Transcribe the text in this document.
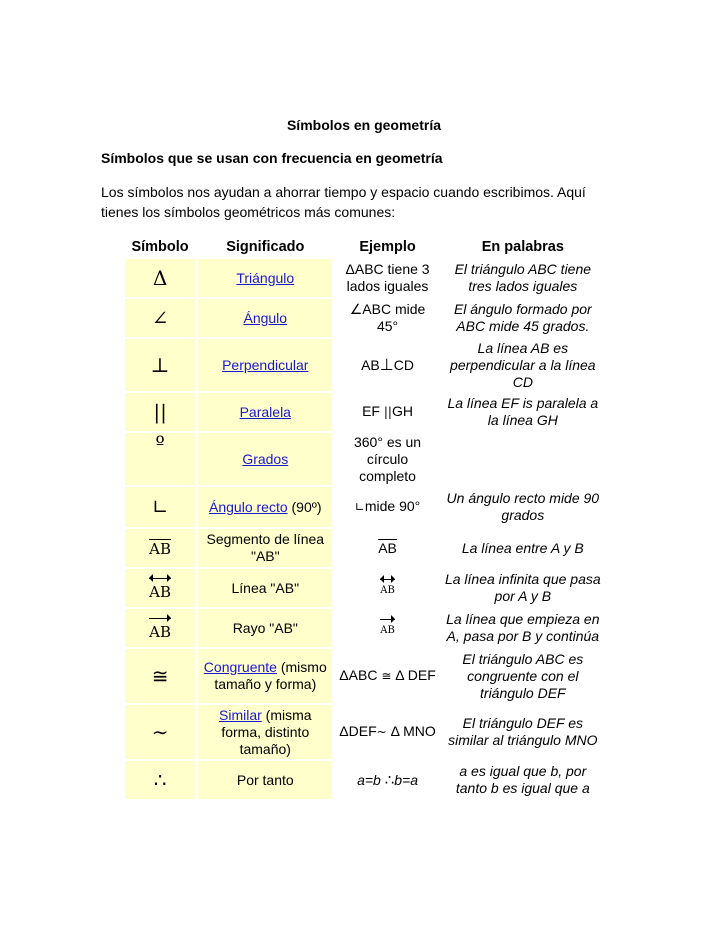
Símbolos en geometría
Símbolos que se usan con frecuencia en geometría
Los símbolos nos ayudan a ahorrar tiempo y espacio cuando escribimos. Aquí tienes los símbolos geométricos más comunes:
Símbolo	Significado	Ejemplo	En palabras
Δ	Triángulo	ΔABC tiene 3 lados iguales	El triángulo ABC tiene tres lados iguales
∠	Ángulo	∠ABC mide 45°	El ángulo formado por ABC mide 45 grados.
⊥	Perpendicular	AB⊥CD	La línea AB es perpendicular a la línea CD
||	Paralela	EF ||GH	La línea EF is paralela a la línea GH
º	Grados	360° es un círculo completo	
∟	Ángulo recto (90º)	∟mide 90°	Un ángulo recto mide 90 grados
$\overline{AB}$	Segmento de línea "AB"	$\overline{AB}$	La línea entre A y B

AB	Línea "AB"	AB	La línea infinita que pasa por A y B
AB	Rayo "AB"	AB	La línea que empieza en A, pasa por B y continúa
≅	Congruente (mismo tamaño y forma)	ΔABC ≅ Δ DEF	El triángulo ABC es congruente con el triángulo DEF
∼	Similar (misma forma, distinto tamaño)	ΔDEF~ Δ MNO	El triángulo DEF es similar al triángulo MNO
∴	Por tanto	a=b ∴b=a	a es igual que b, por tanto b es igual que a
